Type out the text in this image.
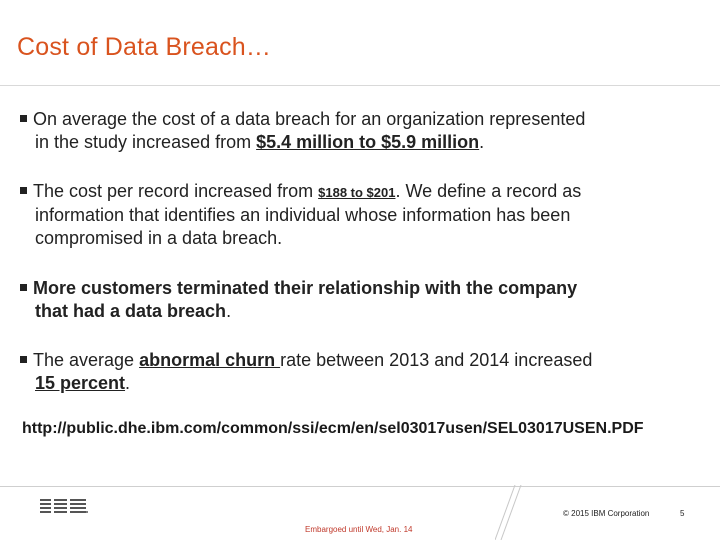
Cost of Data Breach…
On average the cost of a data breach for an organization represented
in the study increased from $5.4 million to $5.9 million.
The cost per record increased from $188 to $201. We define a record as
information that identifies an individual whose information has been
compromised in a data breach.
More customers terminated their relationship with the company
that had a data breach.
The average abnormal churn rate between 2013 and 2014 increased
15 percent.
http://public.dhe.ibm.com/common/ssi/ecm/en/sel03017usen/SEL03017USEN.PDF
© 2015 IBM Corporation	5
Embargoed until Wed, Jan. 14
